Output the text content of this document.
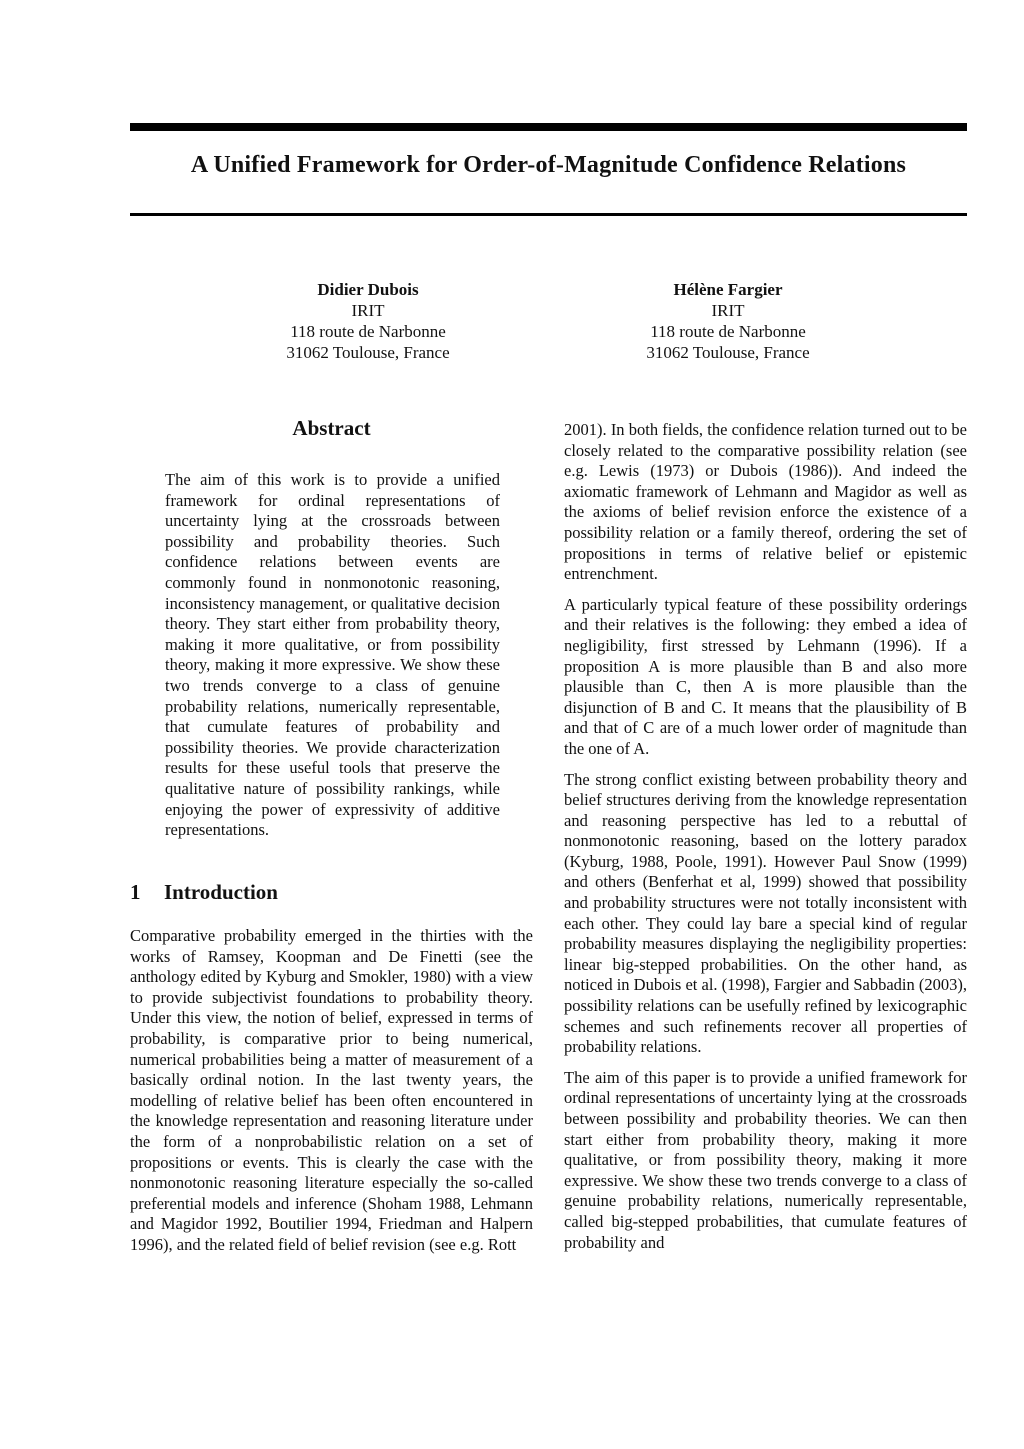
A Unified Framework for Order-of-Magnitude Confidence Relations
Didier Dubois
IRIT
118 route de Narbonne
31062 Toulouse, France
Hélène Fargier
IRIT
118 route de Narbonne
31062 Toulouse, France
Abstract

The aim of this work is to provide a unified framework for ordinal representations of uncertainty lying at the crossroads between possibility and probability theories. Such confidence relations between events are commonly found in nonmonotonic reasoning, inconsistency management, or qualitative decision theory. They start either from probability theory, making it more qualitative, or from possibility theory, making it more expressive. We show these two trends converge to a class of genuine probability relations, numerically representable, that cumulate features of probability and possibility theories. We provide characterization results for these useful tools that preserve the qualitative nature of possibility rankings, while enjoying the power of expressivity of additive representations.

1 Introduction

Comparative probability emerged in the thirties with the works of Ramsey, Koopman and De Finetti (see the anthology edited by Kyburg and Smokler, 1980) with a view to provide subjectivist foundations to probability theory. Under this view, the notion of belief, expressed in terms of probability, is comparative prior to being numerical, numerical probabilities being a matter of measurement of a basically ordinal notion. In the last twenty years, the modelling of relative belief has been often encountered in the knowledge representation and reasoning literature under the form of a nonprobabilistic relation on a set of propositions or events. This is clearly the case with the nonmonotonic reasoning literature especially the so-called preferential models and inference (Shoham 1988, Lehmann and Magidor 1992, Boutilier 1994, Friedman and Halpern 1996), and the related field of belief revision (see e.g. Rott

2001). In both fields, the confidence relation turned out to be closely related to the comparative possibility relation (see e.g. Lewis (1973) or Dubois (1986)). And indeed the axiomatic framework of Lehmann and Magidor as well as the axioms of belief revision enforce the existence of a possibility relation or a family thereof, ordering the set of propositions in terms of relative belief or epistemic entrenchment.

A particularly typical feature of these possibility orderings and their relatives is the following: they embed a idea of negligibility, first stressed by Lehmann (1996). If a proposition A is more plausible than B and also more plausible than C, then A is more plausible than the disjunction of B and C. It means that the plausibility of B and that of C are of a much lower order of magnitude than the one of A.

The strong conflict existing between probability theory and belief structures deriving from the knowledge representation and reasoning perspective has led to a rebuttal of nonmonotonic reasoning, based on the lottery paradox (Kyburg, 1988, Poole, 1991). However Paul Snow (1999) and others (Benferhat et al, 1999) showed that possibility and probability structures were not totally inconsistent with each other. They could lay bare a special kind of regular probability measures displaying the negligibility properties: linear big-stepped probabilities. On the other hand, as noticed in Dubois et al. (1998), Fargier and Sabbadin (2003), possibility relations can be usefully refined by lexicographic schemes and such refinements recover all properties of probability relations.

The aim of this paper is to provide a unified framework for ordinal representations of uncertainty lying at the crossroads between possibility and probability theories. We can then start either from probability theory, making it more qualitative, or from possibility theory, making it more expressive. We show these two trends converge to a class of genuine probability relations, numerically representable, called big-stepped probabilities, that cumulate features of probability and
